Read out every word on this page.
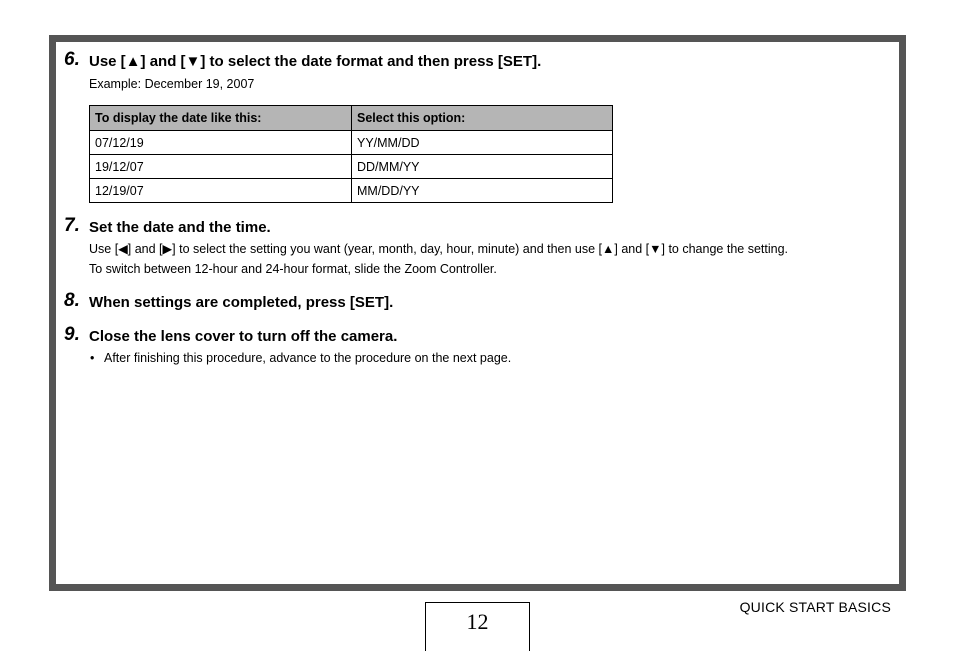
6. Use [▲] and [▼] to select the date format and then press [SET].
Example: December 19, 2007
To display the date like this:	Select this option:
07/12/19	YY/MM/DD
19/12/07	DD/MM/YY
12/19/07	MM/DD/YY
7. Set the date and the time.
Use [◀] and [▶] to select the setting you want (year, month, day, hour, minute) and then use [▲] and [▼] to change the setting.
To switch between 12-hour and 24-hour format, slide the Zoom Controller.
8. When settings are completed, press [SET].
9. Close the lens cover to turn off the camera.
• After finishing this procedure, advance to the procedure on the next page.
12
QUICK START BASICS
